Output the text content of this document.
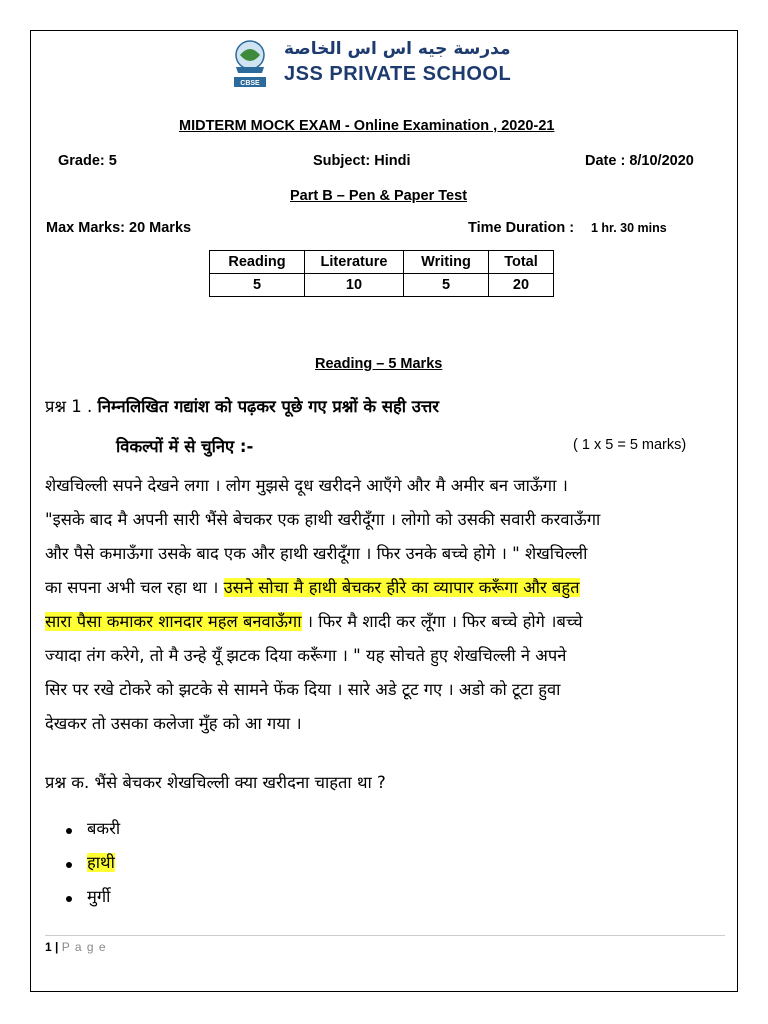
CBSE
مدرسة جيه اس اس الخاصة
JSS PRIVATE SCHOOL
MIDTERM MOCK EXAM - Online Examination , 2020-21
Grade: 5	Subject: Hindi	Date : 8/10/2020
Part B – Pen & Paper Test
Max Marks: 20 Marks	Time Duration : 1 hr. 30 mins
Reading	Literature	Writing	Total
5	10	5	20
Reading – 5 Marks
प्रश्न 1 . निम्नलिखित गद्यांश को पढ़कर पूछे गए प्रश्नों के सही उत्तर
विकल्पों में से चुनिए :-	( 1 x 5 = 5 marks)
शेखचिल्ली सपने देखने लगा । लोग मुझसे दूध खरीदने आएँगे और मै अमीर बन जाऊँगा ।
"इसके बाद मै अपनी सारी भैंसे बेचकर एक हाथी खरीदूँगा । लोगो को उसकी सवारी करवाऊँगा
और पैसे कमाऊँगा उसके बाद एक और हाथी खरीदूँगा । फिर उनके बच्चे होगे । " शेखचिल्ली
का सपना अभी चल रहा था । उसने सोचा मै हाथी बेचकर हीरे का व्यापार करूँगा और बहुत
सारा पैसा कमाकर शानदार महल बनवाऊँगा । फिर मै शादी कर लूँगा । फिर बच्चे होगे ।बच्चे
ज्यादा तंग करेगे, तो मै उन्हे यूँ झटक दिया करूँगा । " यह सोचते हुए शेखचिल्ली ने अपने
सिर पर रखे टोकरे को झटके से सामने फेंक दिया । सारे अडे टूट गए । अडो को टूटा हुवा
देखकर तो उसका कलेजा मुँह को आ गया ।
प्रश्न क. भैंसे बेचकर शेखचिल्ली क्या खरीदना चाहता था ?
बकरी
हाथी
मुर्गी
1 | P a g e
